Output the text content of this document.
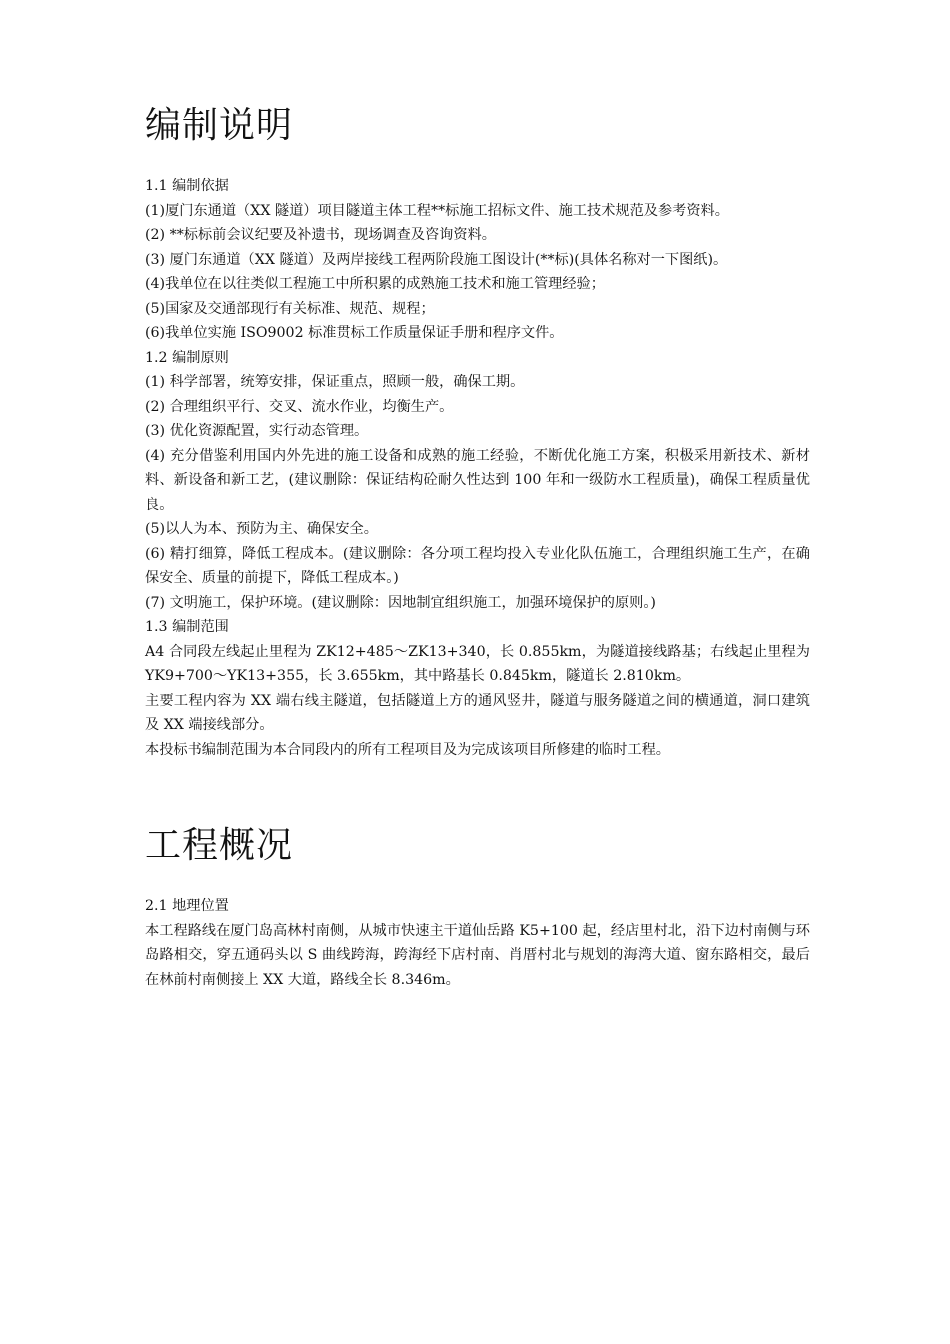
编制说明

1.1 编制依据

(1)厦门东通道（XX 隧道）项目隧道主体工程**标施工招标文件、施工技术规范及参考资料。

(2) **标标前会议纪要及补遗书，现场调查及咨询资料。

(3) 厦门东通道（XX 隧道）及两岸接线工程两阶段施工图设计(**标)(具体名称对一下图纸)。

(4)我单位在以往类似工程施工中所积累的成熟施工技术和施工管理经验；

(5)国家及交通部现行有关标准、规范、规程；

(6)我单位实施 ISO9002 标准贯标工作质量保证手册和程序文件。

1.2 编制原则

(1) 科学部署，统筹安排，保证重点，照顾一般，确保工期。

(2) 合理组织平行、交叉、流水作业，均衡生产。

(3) 优化资源配置，实行动态管理。

(4) 充分借鉴利用国内外先进的施工设备和成熟的施工经验，不断优化施工方案，积极采用新技术、新材料、新设备和新工艺，(建议删除：保证结构砼耐久性达到 100 年和一级防水工程质量)，确保工程质量优良。

(5)以人为本、预防为主、确保安全。

(6) 精打细算，降低工程成本。(建议删除：各分项工程均投入专业化队伍施工，合理组织施工生产，在确保安全、质量的前提下，降低工程成本。)

(7) 文明施工，保护环境。(建议删除：因地制宜组织施工，加强环境保护的原则。)

1.3 编制范围

A4 合同段左线起止里程为 ZK12+485～ZK13+340，长 0.855km，为隧道接线路基；右线起止里程为 YK9+700～YK13+355，长 3.655km，其中路基长 0.845km，隧道长 2.810km。

主要工程内容为 XX 端右线主隧道，包括隧道上方的通风竖井，隧道与服务隧道之间的横通道，洞口建筑及 XX 端接线部分。

本投标书编制范围为本合同段内的所有工程项目及为完成该项目所修建的临时工程。

工程概况

2.1 地理位置

本工程路线在厦门岛高林村南侧，从城市快速主干道仙岳路 K5+100 起，经店里村北，沿下边村南侧与环岛路相交，穿五通码头以 S 曲线跨海，跨海经下店村南、肖厝村北与规划的海湾大道、窗东路相交，最后在林前村南侧接上 XX 大道，路线全长 8.346m。
